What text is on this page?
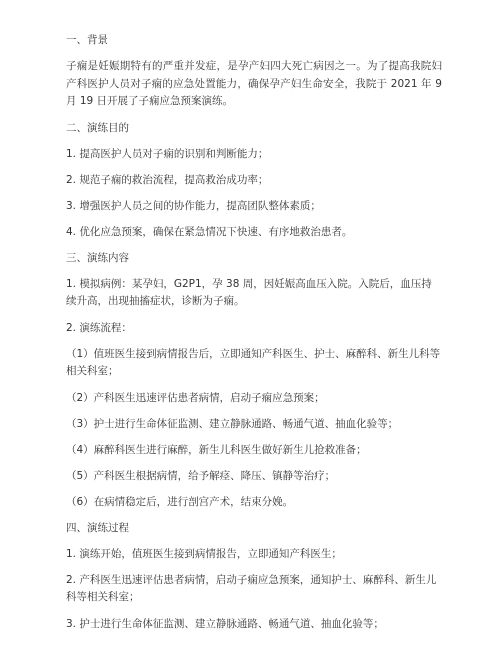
一、背景
子痫是妊娠期特有的严重并发症，是孕产妇四大死亡病因之一。为了提高我院妇产科医护人员对子痫的应急处置能力，确保孕产妇生命安全，我院于 2021 年 9 月 19 日开展了子痫应急预案演练。
二、演练目的
1. 提高医护人员对子痫的识别和判断能力；
2. 规范子痫的救治流程，提高救治成功率；
3. 增强医护人员之间的协作能力，提高团队整体素质；
4. 优化应急预案，确保在紧急情况下快速、有序地救治患者。
三、演练内容
1. 模拟病例：某孕妇，G2P1，孕 38 周，因妊娠高血压入院。入院后，血压持续升高，出现抽搐症状，诊断为子痫。
2. 演练流程：
（1）值班医生接到病情报告后，立即通知产科医生、护士、麻醉科、新生儿科等相关科室；
（2）产科医生迅速评估患者病情，启动子痫应急预案；
（3）护士进行生命体征监测、建立静脉通路、畅通气道、抽血化验等；
（4）麻醉科医生进行麻醉，新生儿科医生做好新生儿抢救准备；
（5）产科医生根据病情，给予解痉、降压、镇静等治疗；
（6）在病情稳定后，进行剖宫产术，结束分娩。
四、演练过程
1. 演练开始，值班医生接到病情报告，立即通知产科医生；
2. 产科医生迅速评估患者病情，启动子痫应急预案，通知护士、麻醉科、新生儿科等相关科室；
3. 护士进行生命体征监测、建立静脉通路、畅通气道、抽血化验等；
